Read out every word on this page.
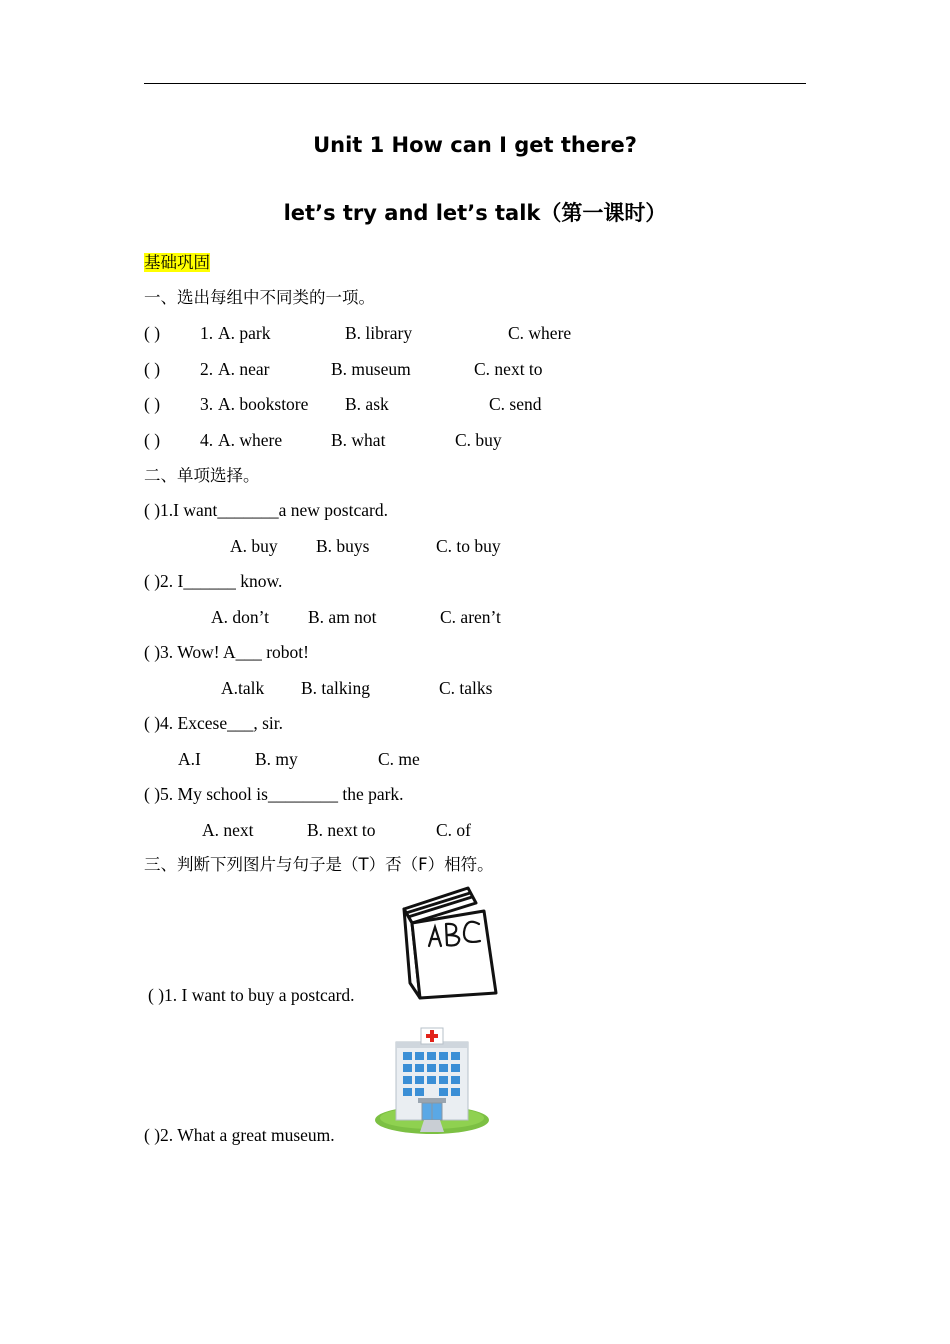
Unit 1 How can I get there?
let’s try and let’s talk（第一课时）
基础巩固
一、选出每组中不同类的一项。
( ) 1. A. park	B. library	C. where
( ) 2. A. near	B. museum	C. next to
( ) 3. A. bookstore B. ask	C. send
( ) 4. A. where	B. what	C. buy
二、单项选择。
( )1.I want_______a new postcard.
A. buy B. buys	C. to buy
( )2. I______ know.
A. don’t B. am not	C. aren’t
( )3. Wow! A___ robot!
A.talk B. talking	C. talks
( )4. Excese___, sir.
A.I	B. my	C. me
( )5. My school is________ the park.
A. next	B. next to	C. of
三、判断下列图片与句子是（T）否（F）相符。
( )1. I want to buy a postcard.
ABC
( )2. What a great museum.
